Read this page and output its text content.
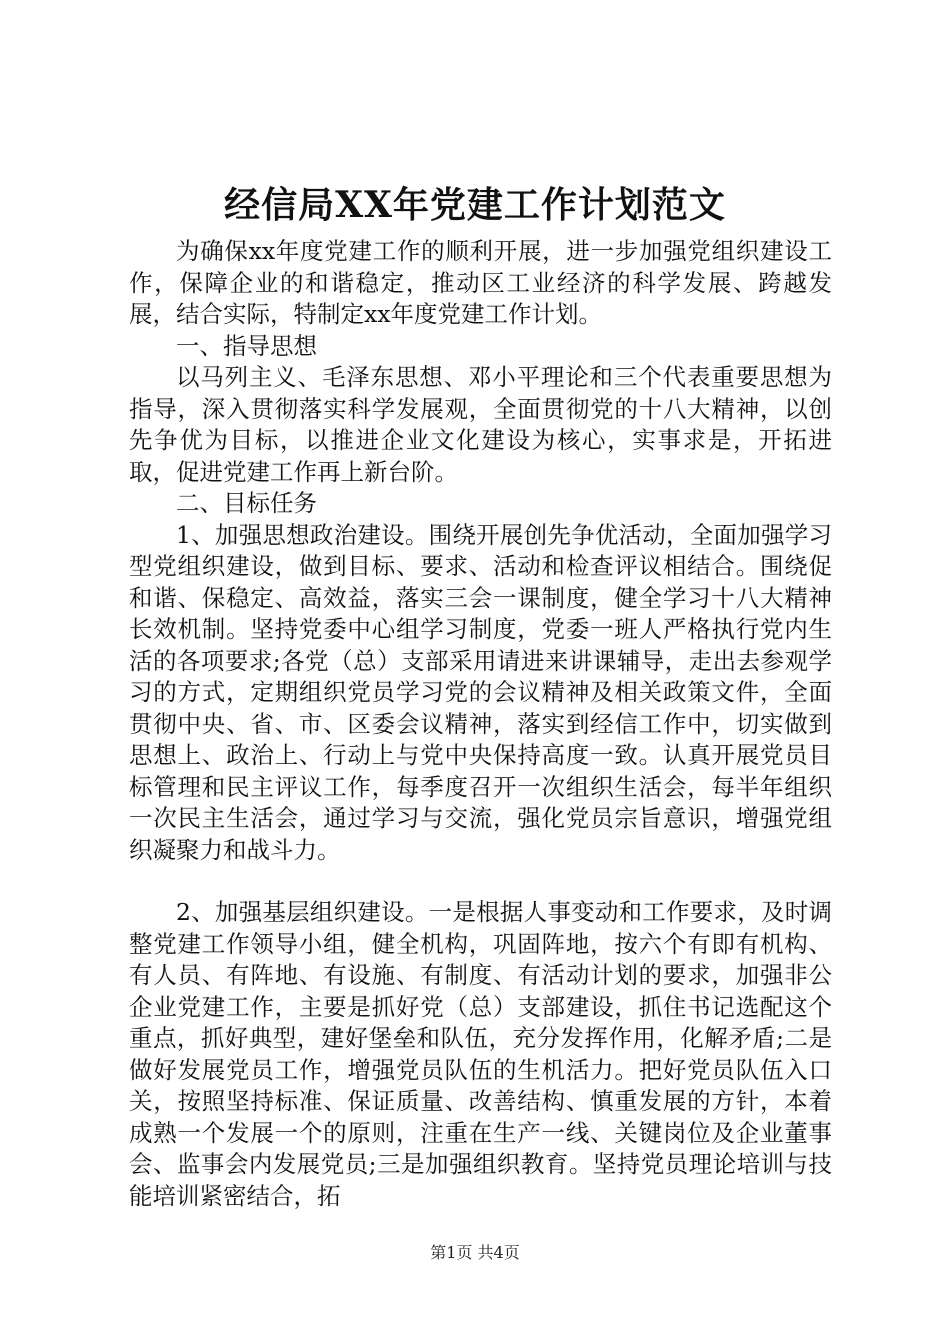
经信局XX年党建工作计划范文

为确保xx年度党建工作的顺利开展，进一步加强党组织建设工作，保障企业的和谐稳定，推动区工业经济的科学发展、跨越发展，结合实际，特制定xx年度党建工作计划。

一、指导思想

以马列主义、毛泽东思想、邓小平理论和三个代表重要思想为指导，深入贯彻落实科学发展观，全面贯彻党的十八大精神，以创先争优为目标，以推进企业文化建设为核心，实事求是，开拓进取，促进党建工作再上新台阶。

二、目标任务

1、加强思想政治建设。围绕开展创先争优活动，全面加强学习型党组织建设，做到目标、要求、活动和检查评议相结合。围绕促和谐、保稳定、高效益，落实三会一课制度，健全学习十八大精神长效机制。坚持党委中心组学习制度，党委一班人严格执行党内生活的各项要求;各党（总）支部采用请进来讲课辅导，走出去参观学习的方式，定期组织党员学习党的会议精神及相关政策文件，全面贯彻中央、省、市、区委会议精神，落实到经信工作中，切实做到思想上、政治上、行动上与党中央保持高度一致。认真开展党员目标管理和民主评议工作，每季度召开一次组织生活会，每半年组织一次民主生活会，通过学习与交流，强化党员宗旨意识，增强党组织凝聚力和战斗力。

2、加强基层组织建设。一是根据人事变动和工作要求，及时调整党建工作领导小组，健全机构，巩固阵地，按六个有即有机构、有人员、有阵地、有设施、有制度、有活动计划的要求，加强非公企业党建工作，主要是抓好党（总）支部建设，抓住书记选配这个重点，抓好典型，建好堡垒和队伍，充分发挥作用，化解矛盾;二是做好发展党员工作，增强党员队伍的生机活力。把好党员队伍入口关，按照坚持标准、保证质量、改善结构、慎重发展的方针，本着成熟一个发展一个的原则，注重在生产一线、关键岗位及企业董事会、监事会内发展党员;三是加强组织教育。坚持党员理论培训与技能培训紧密结合，拓

第1页 共4页
